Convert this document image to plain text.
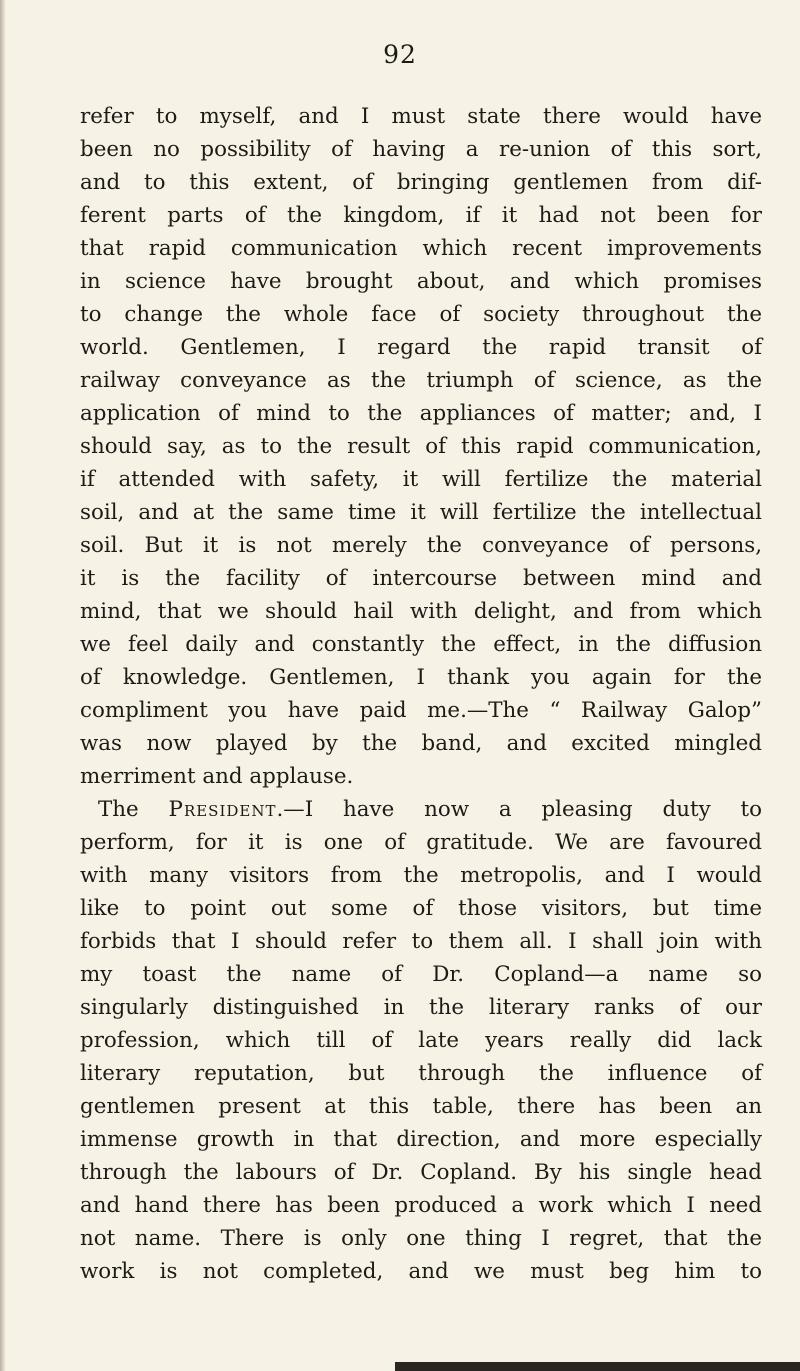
92
refer to myself, and I must state there would have
been no possibility of having a re-union of this sort,
and to this extent, of bringing gentlemen from dif-
ferent parts of the kingdom, if it had not been for
that rapid communication which recent improvements
in science have brought about, and which promises
to change the whole face of society throughout the
world. Gentlemen, I regard the rapid transit of
railway conveyance as the triumph of science, as the
application of mind to the appliances of matter; and, I
should say, as to the result of this rapid communication,
if attended with safety, it will fertilize the material
soil, and at the same time it will fertilize the intellectual
soil. But it is not merely the conveyance of persons,
it is the facility of intercourse between mind and
mind, that we should hail with delight, and from which
we feel daily and constantly the effect, in the diffusion
of knowledge. Gentlemen, I thank you again for the
compliment you have paid me.—The “ Railway Galop”
was now played by the band, and excited mingled
merriment and applause.
The President.—I have now a pleasing duty to
perform, for it is one of gratitude. We are favoured
with many visitors from the metropolis, and I would
like to point out some of those visitors, but time
forbids that I should refer to them all. I shall join with
my toast the name of Dr. Copland—a name so
singularly distinguished in the literary ranks of our
profession, which till of late years really did lack
literary reputation, but through the influence of
gentlemen present at this table, there has been an
immense growth in that direction, and more especially
through the labours of Dr. Copland. By his single head
and hand there has been produced a work which I need
not name. There is only one thing I regret, that the
work is not completed, and we must beg him to
